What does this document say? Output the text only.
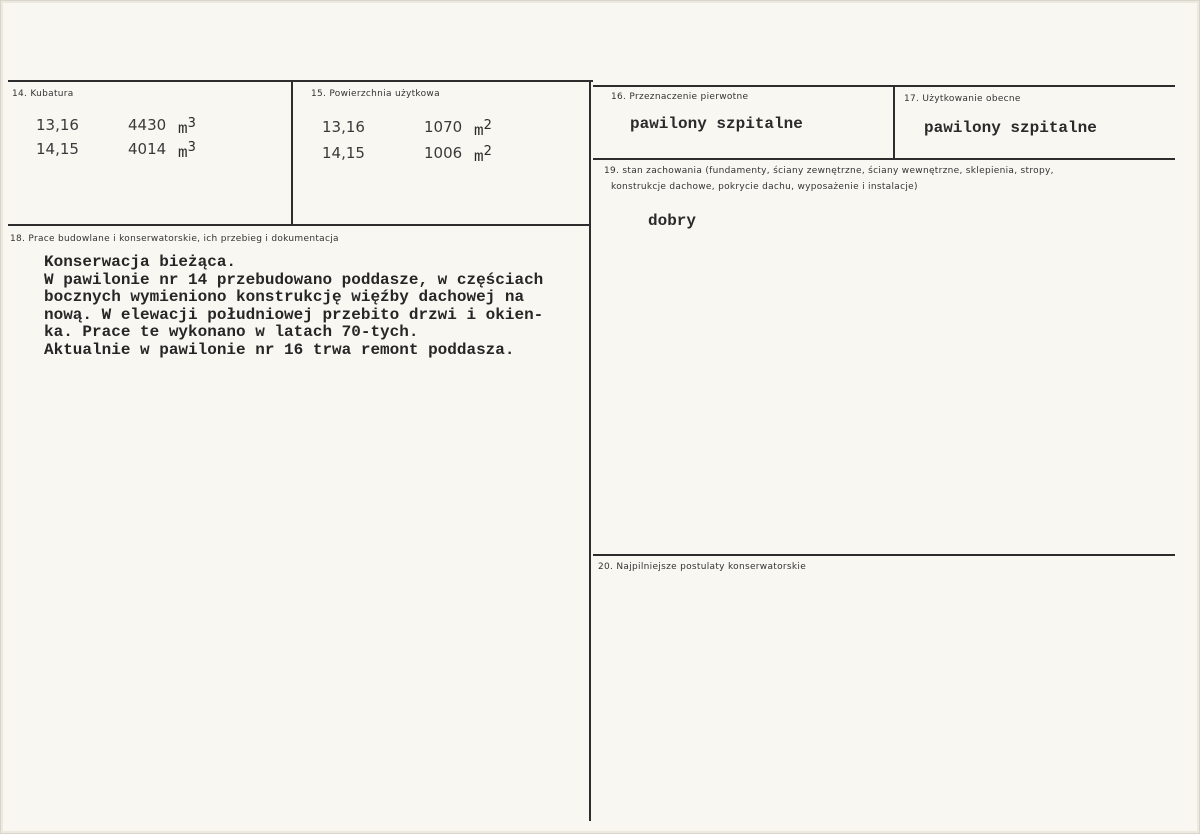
14. Kubatura
13,16	4430 $m^3$
14,15	4014 $m^3$
15. Powierzchnia użytkowa
13,16	1070 $m^2$
14,15	1006 $m^2$
16. Przeznaczenie pierwotne
pawilony szpitalne
17. Użytkowanie obecne
pawilony szpitalne
18. Prace budowlane i konserwatorskie, ich przebieg i dokumentacja
Konserwacja bieżąca.
W pawilonie nr 14 przebudowano poddasze, w częściach
bocznych wymieniono konstrukcję więźby dachowej na
nową. W elewacji południowej przebito drzwi i okien-
ka. Prace te wykonano w latach 70-tych.
Aktualnie w pawilonie nr 16 trwa remont poddasza.
19. stan zachowania (fundamenty, ściany zewnętrzne, ściany wewnętrzne, sklepienia, stropy,
konstrukcje dachowe, pokrycie dachu, wyposażenie i instalacje)
dobry
20. Najpilniejsze postulaty konserwatorskie
